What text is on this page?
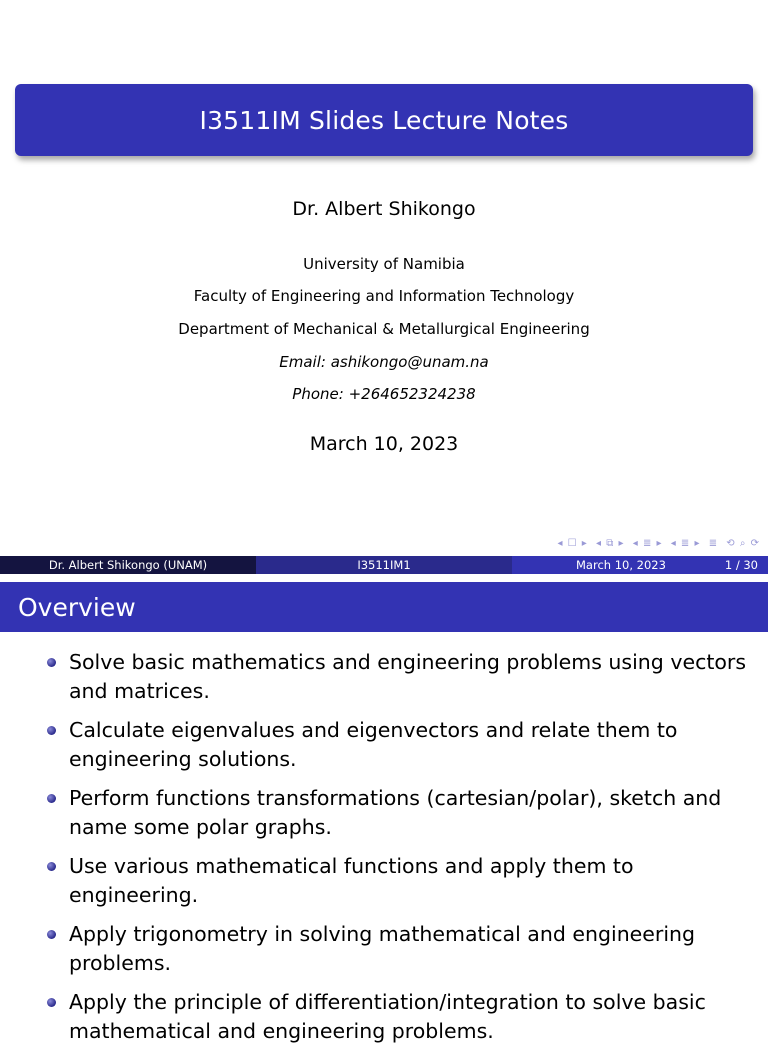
I3511IM Slides Lecture Notes
Dr. Albert Shikongo
University of Namibia
Faculty of Engineering and Information Technology
Department of Mechanical & Metallurgical Engineering
Email: ashikongo@unam.na
Phone: +264652324238
March 10, 2023
◂ ☐ ▸ ◂ ⧉ ▸ ◂ ≣ ▸ ◂ ≣ ▸ ≣ ⟲ ⌕ ⟳
Dr. Albert Shikongo (UNAM)	I3511IM1	March 10, 2023	1 / 30
Overview
Solve basic mathematics and engineering problems using vectors and matrices.
Calculate eigenvalues and eigenvectors and relate them to engineering solutions.
Perform functions transformations (cartesian/polar), sketch and name some polar graphs.
Use various mathematical functions and apply them to engineering.
Apply trigonometry in solving mathematical and engineering problems.
Apply the principle of differentiation/integration to solve basic mathematical and engineering problems.
